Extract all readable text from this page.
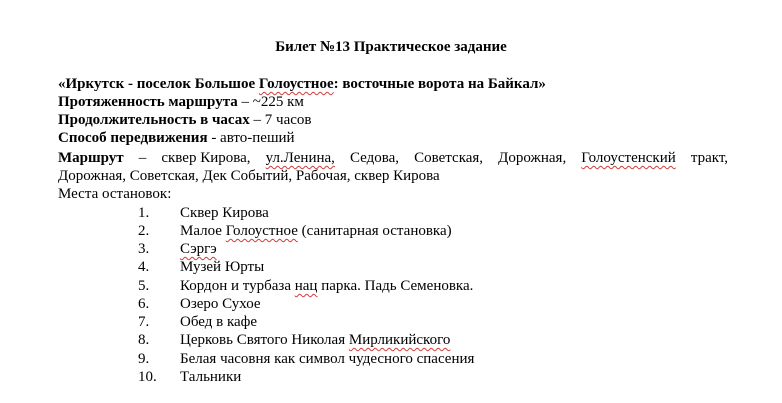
Билет №13 Практическое задание
«Иркутск - поселок Большое Голоустное: восточные ворота на Байкал»
Протяженность маршрута – ~225 км
Продолжительность в часах – 7 часов
Способ передвижения - авто-пеший
Маршрут – сквер Кирова, ул.Ленина, Седова, Советская, Дорожная, Голоустенский тракт,
Дорожная, Советская, Дек Событий, Рабочая, сквер Кирова
Места остановок:
1. Сквер Кирова
2. Малое Голоустное (санитарная остановка)
3. Сэргэ
4. Музей Юрты
5. Кордон и турбаза нац парка. Падь Семеновка.
6. Озеро Сухое
7. Обед в кафе
8. Церковь Святого Николая Мирликийского
9. Белая часовня как символ чудесного спасения
10. Тальники
